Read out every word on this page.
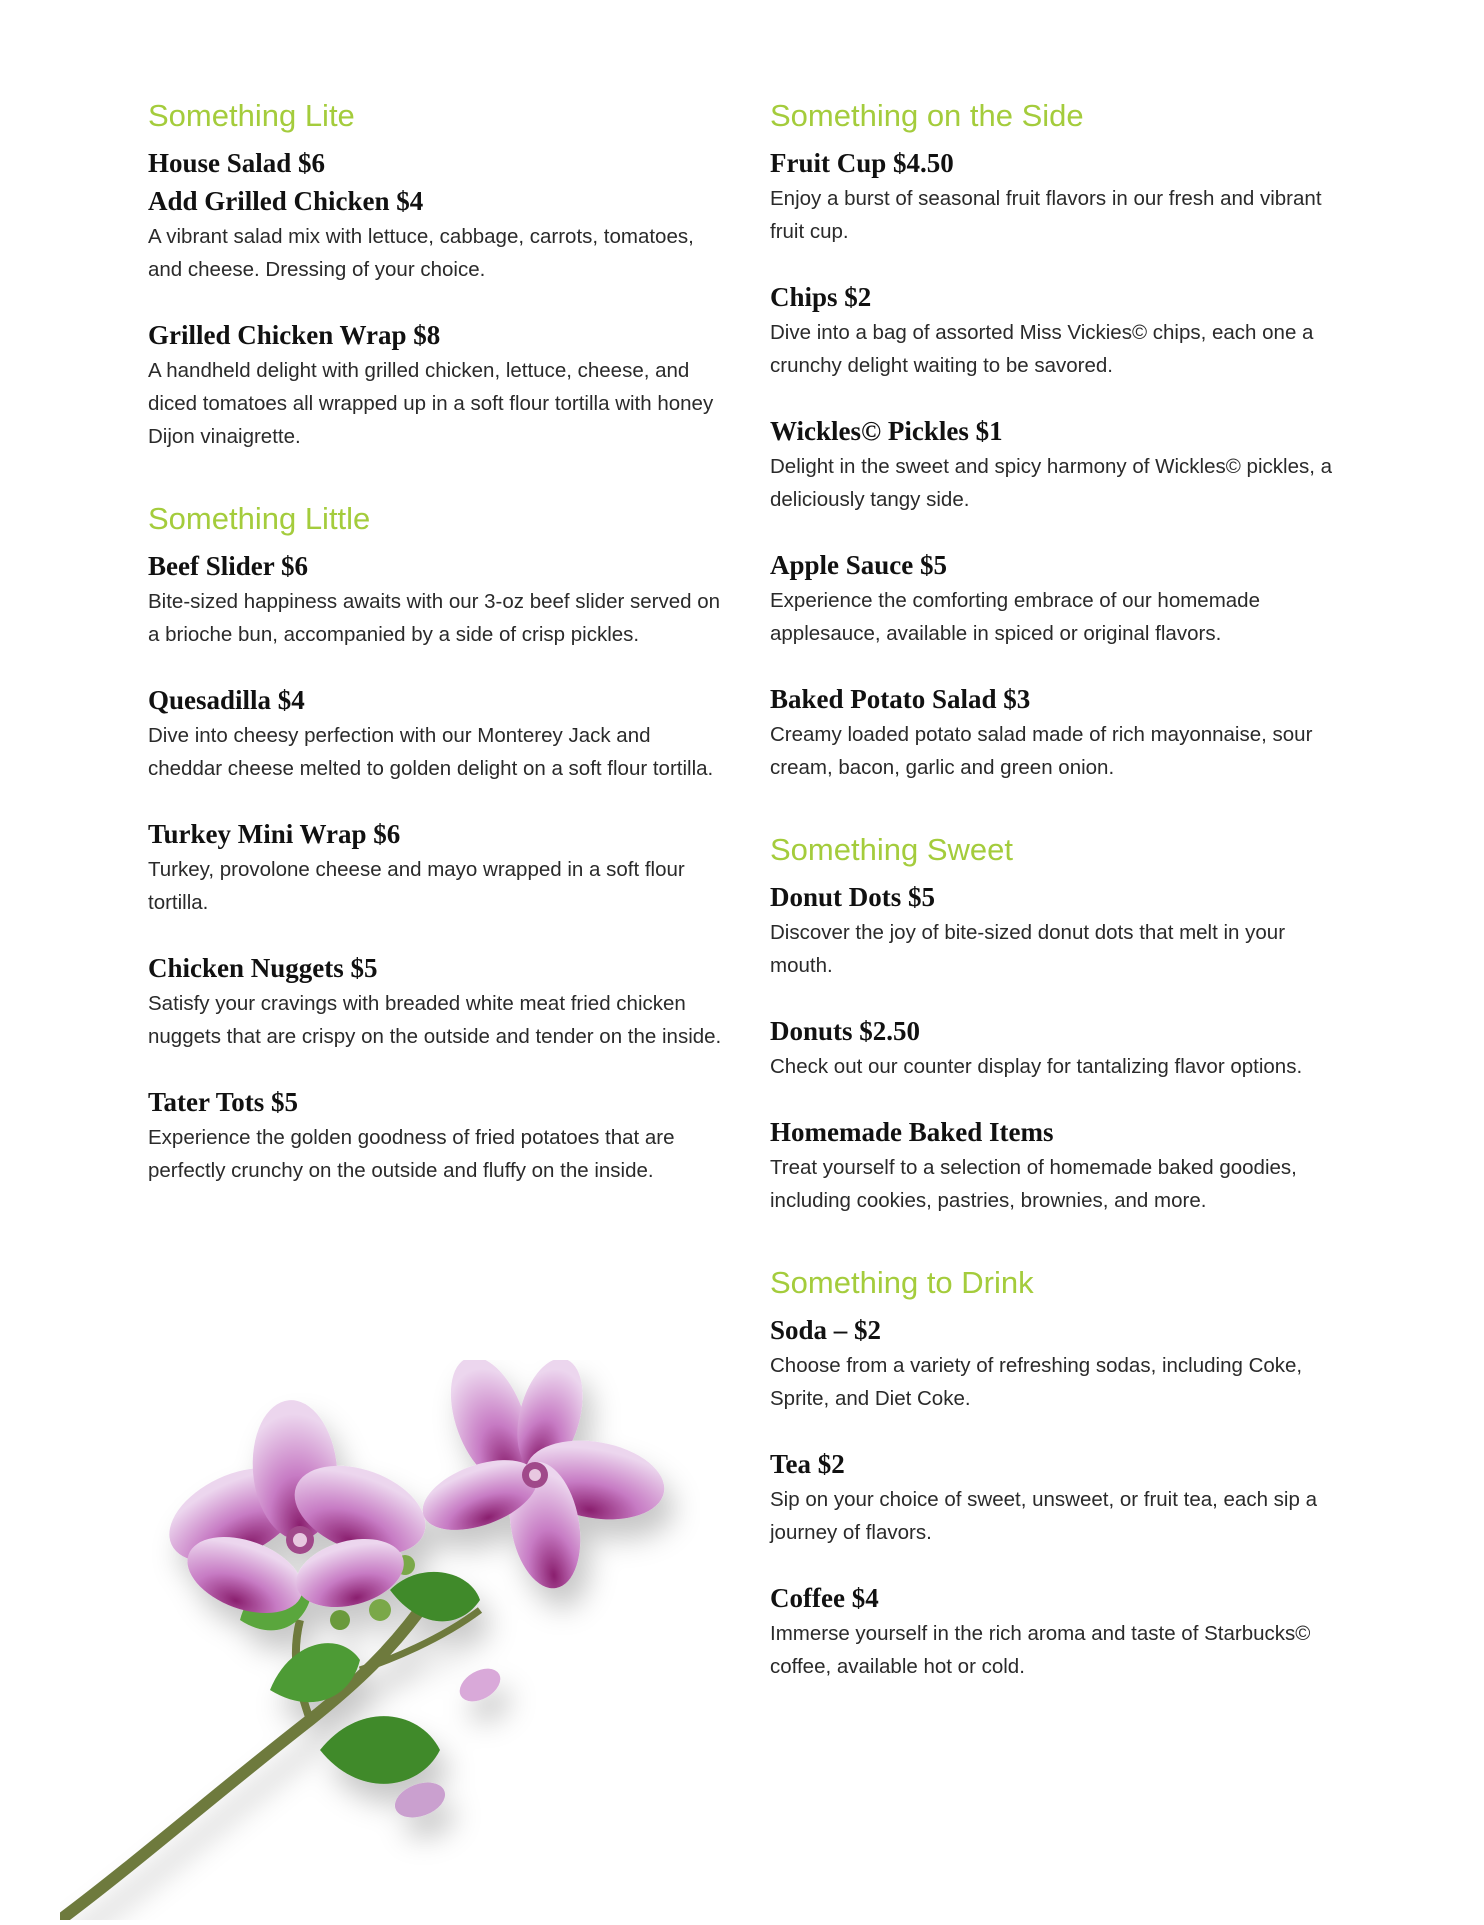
Something Lite

House Salad $6

Add Grilled Chicken $4

A vibrant salad mix with lettuce, cabbage, carrots, tomatoes, and cheese. Dressing of your choice.

Grilled Chicken Wrap $8

A handheld delight with grilled chicken, lettuce, cheese, and diced tomatoes all wrapped up in a soft flour tortilla with honey Dijon vinaigrette.

Something Little

Beef Slider $6

Bite-sized happiness awaits with our 3-oz beef slider served on a brioche bun, accompanied by a side of crisp pickles.

Quesadilla $4

Dive into cheesy perfection with our Monterey Jack and cheddar cheese melted to golden delight on a soft flour tortilla.

Turkey Mini Wrap $6

Turkey, provolone cheese and mayo wrapped in a soft flour tortilla.

Chicken Nuggets $5

Satisfy your cravings with breaded white meat fried chicken nuggets that are crispy on the outside and tender on the inside.

Tater Tots $5

Experience the golden goodness of fried potatoes that are perfectly crunchy on the outside and fluffy on the inside.

Something on the Side

Fruit Cup $4.50

Enjoy a burst of seasonal fruit flavors in our fresh and vibrant fruit cup.

Chips $2

Dive into a bag of assorted Miss Vickies© chips, each one a crunchy delight waiting to be savored.

Wickles© Pickles $1

Delight in the sweet and spicy harmony of Wickles© pickles, a deliciously tangy side.

Apple Sauce $5

Experience the comforting embrace of our homemade applesauce, available in spiced or original flavors.

Baked Potato Salad $3

Creamy loaded potato salad made of rich mayonnaise, sour cream, bacon, garlic and green onion.

Something Sweet

Donut Dots $5

Discover the joy of bite-sized donut dots that melt in your mouth.

Donuts $2.50

Check out our counter display for tantalizing flavor options.

Homemade Baked Items

Treat yourself to a selection of homemade baked goodies, including cookies, pastries, brownies, and more.

Something to Drink

Soda – $2

Choose from a variety of refreshing sodas, including Coke, Sprite, and Diet Coke.

Tea $2

Sip on your choice of sweet, unsweet, or fruit tea, each sip a journey of flavors.

Coffee $4

Immerse yourself in the rich aroma and taste of Starbucks© coffee, available hot or cold.
